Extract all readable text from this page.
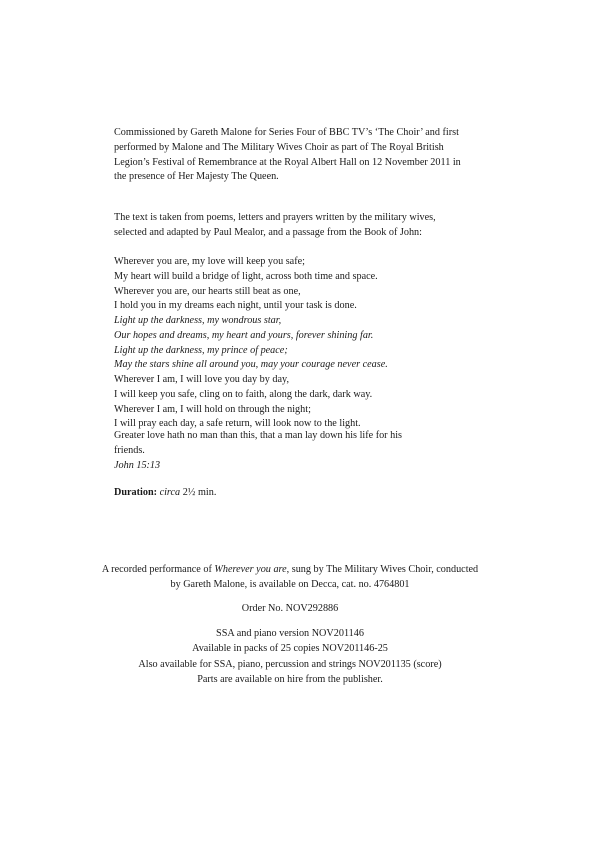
Commissioned by Gareth Malone for Series Four of BBC TV’s ‘The Choir’ and first
performed by Malone and The Military Wives Choir as part of The Royal British
Legion’s Festival of Remembrance at the Royal Albert Hall on 12 November 2011 in
the presence of Her Majesty The Queen.
The text is taken from poems, letters and prayers written by the military wives,
selected and adapted by Paul Mealor, and a passage from the Book of John:
Wherever you are, my love will keep you safe;
My heart will build a bridge of light, across both time and space.
Wherever you are, our hearts still beat as one,
I hold you in my dreams each night, until your task is done.
Light up the darkness, my wondrous star,
Our hopes and dreams, my heart and yours, forever shining far.
Light up the darkness, my prince of peace;
May the stars shine all around you, may your courage never cease.
Wherever I am, I will love you day by day,
I will keep you safe, cling on to faith, along the dark, dark way.
Wherever I am, I will hold on through the night;
I will pray each day, a safe return, will look now to the light.
Greater love hath no man than this, that a man lay down his life for his
friends.
John 15:13
Duration: circa 2½ min.
A recorded performance of Wherever you are, sung by The Military Wives Choir, conducted
by Gareth Malone, is available on Decca, cat. no. 4764801
Order No. NOV292886
SSA and piano version NOV201146
Available in packs of 25 copies NOV201146-25
Also available for SSA, piano, percussion and strings NOV201135 (score)
Parts are available on hire from the publisher.
